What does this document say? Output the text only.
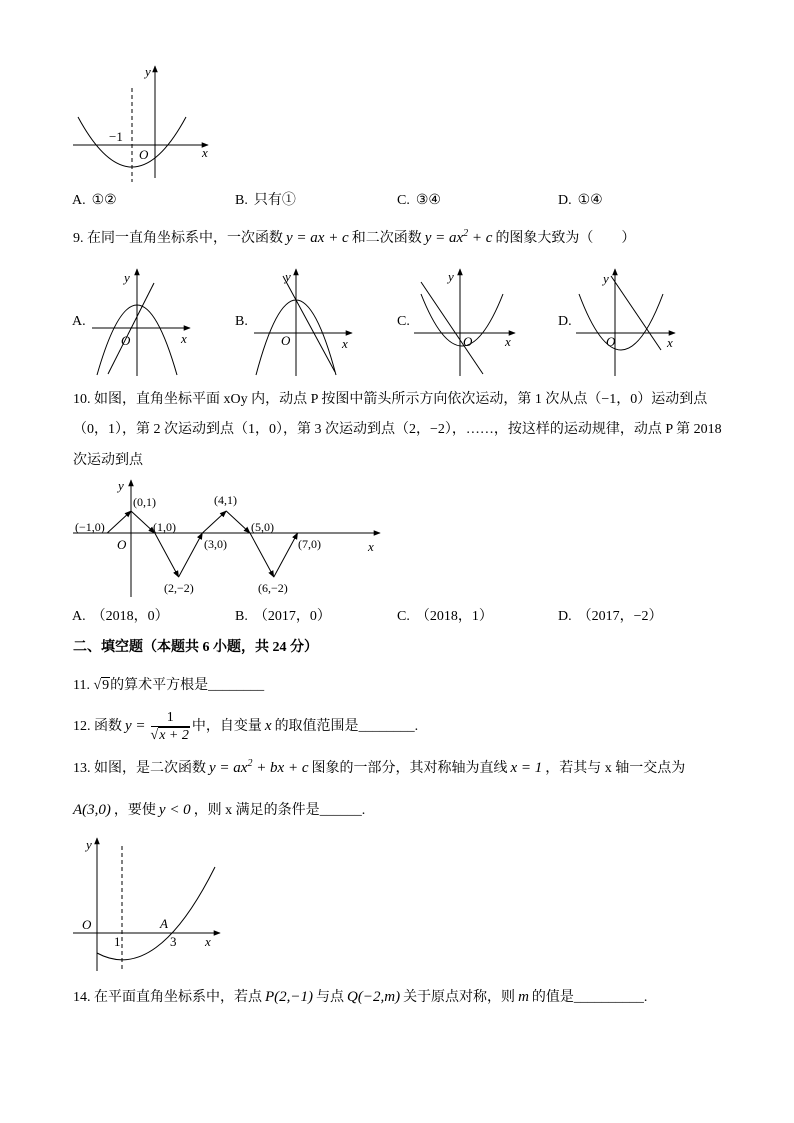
y
x
−1
O
A. ①②	B. 只有①	C. ③④	D. ①④
9. 在同一直角坐标系中，一次函数 y = ax + c 和二次函数 $y = ax^2 + c$ 的图象大致为（　　）
A.	B.	C.	D.
y
x
O
y
x
O
y
x
O
y
x
O
10. 如图，直角坐标平面 xOy 内，动点 P 按图中箭头所示方向依次运动，第 1 次从点（−1，0）运动到点
（0，1），第 2 次运动到点（1，0），第 3 次运动到点（2，−2），……，按这样的运动规律，动点 P 第 2018
次运动到点
(−1,0)
(0,1)
(1,0)
(2,−2)
(3,0)
(4,1)
(5,0)
(6,−2)
(7,0)
O
y
x
A. （2018，0）	B. （2017，0）	C. （2018，1）	D. （2017，−2）
二、填空题（本题共 6 小题，共 24 分）
11. √9的算术平方根是________
12. 函数 $y = \frac{1}{√x + 2}$ 中，自变量 x 的取值范围是________.
13. 如图，是二次函数 $y = ax^2$ + bx + c 图象的一部分，其对称轴为直线 x = 1 ，若其与 x 轴一交点为
A(3,0) ，要使 y < 0 ，则 x 满足的条件是______.
y
O
1
A
3 x
14. 在平面直角坐标系中，若点 P(2,−1) 与点 Q(−2,m) 关于原点对称，则 m 的值是__________.
